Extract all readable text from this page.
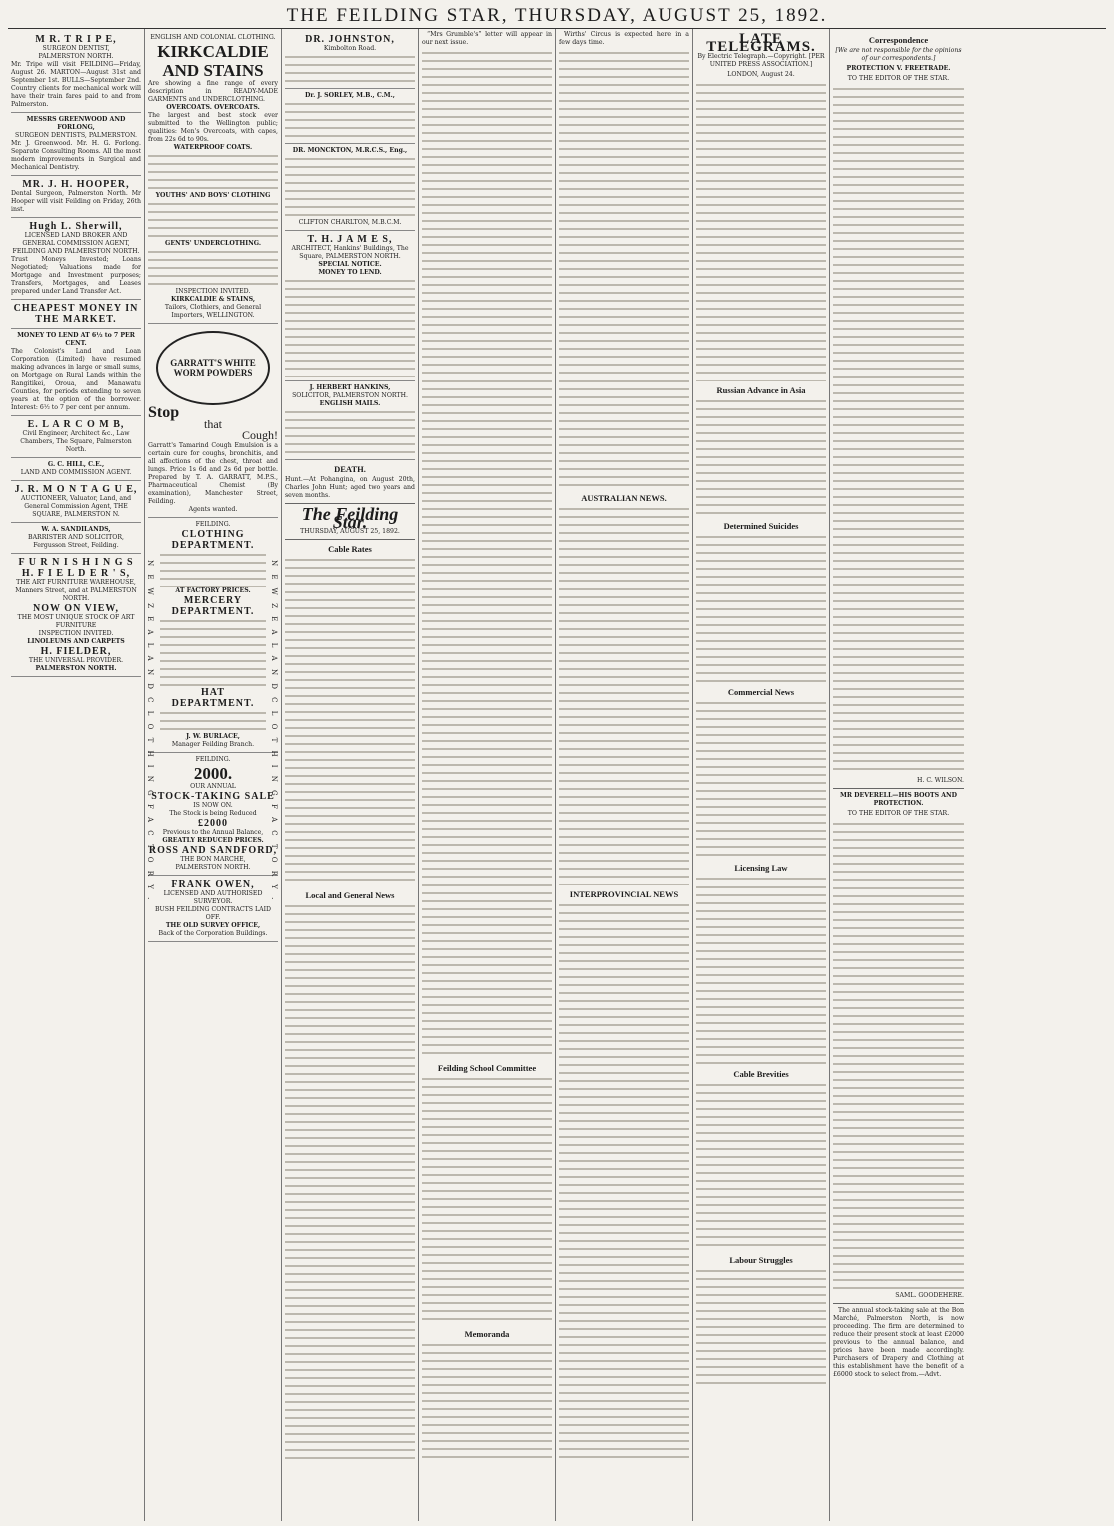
THE FEILDING STAR, THURSDAY, AUGUST 25, 1892.
M R. T R I P E,
SURGEON DENTIST,
PALMERSTON NORTH.
Mr. Tripe will visit FEILDING—Friday, August 26. MARTON—August 31st and September 1st. BULLS—September 2nd. Country clients for mechanical work will have their train fares paid to and from Palmerston.
MESSRS GREENWOOD AND FORLONG,
SURGEON DENTISTS, PALMERSTON.
Mr. J. Greenwood. Mr. H. G. Forlong. Separate Consulting Rooms. All the most modern improvements in Surgical and Mechanical Dentistry.
MR. J. H. HOOPER,
Dental Surgeon, Palmerston North. Mr Hooper will visit Feilding on Friday, 26th inst.
Hugh L. Sherwill,
LICENSED LAND BROKER AND GENERAL COMMISSION AGENT, FEILDING AND PALMERSTON NORTH.
Trust Moneys Invested; Loans Negotiated; Valuations made for Mortgage and Investment purposes; Transfers, Mortgages, and Leases prepared under Land Transfer Act.
CHEAPEST MONEY IN THE MARKET.
MONEY TO LEND AT 6½ to 7 PER CENT.
The Colonist's Land and Loan Corporation (Limited) have resumed making advances in large or small sums, on Mortgage on Rural Lands within the Rangitikei, Oroua, and Manawatu Counties, for periods extending to seven years at the option of the borrower. Interest: 6½ to 7 per cent per annum.
E. L A R C O M B,
Civil Engineer, Architect &c., Law Chambers, The Square, Palmerston North.
G. C. HILL, C.E.,
LAND AND COMMISSION AGENT.
J. R. M O N T A G U E,
AUCTIONEER, Valuator, Land, and General Commission Agent, THE SQUARE, PALMERSTON N.
W. A. SANDILANDS,
BARRISTER AND SOLICITOR, Fergusson Street, Feilding.
F U R N I S H I N G S
H. F I E L D E R ' S,
THE ART FURNITURE WAREHOUSE, Manners Street, and at PALMERSTON NORTH.
NOW ON VIEW,
THE MOST UNIQUE STOCK OF ART FURNITURE
INSPECTION INVITED.
LINOLEUMS AND CARPETS
H. FIELDER,
THE UNIVERSAL PROVIDER.
PALMERSTON NORTH.
ENGLISH AND COLONIAL CLOTHING.
KIRKCALDIE AND STAINS
Are showing a fine range of every description in READY-MADE GARMENTS and UNDERCLOTHING.
OVERCOATS. OVERCOATS.
The largest and best stock ever submitted to the Wellington public; qualities: Men's Overcoats, with capes, from 22s 6d to 90s.
WATERPROOF COATS.
YOUTHS' AND BOYS' CLOTHING
GENTS' UNDERCLOTHING.
INSPECTION INVITED.
KIRKCALDIE & STAINS,
Tailors, Clothiers, and General Importers, WELLINGTON.
GARRATT'S WHITE WORM POWDERS
Stop
that
Cough!
Garratt's Tamarind Cough Emulsion is a certain cure for coughs, bronchitis, and all affections of the chest, throat and lungs. Price 1s 6d and 2s 6d per bottle. Prepared by T. A. GARRATT, M.P.S., Pharmaceutical Chemist (By examination), Manchester Street, Feilding.
Agents wanted.
FEILDING.
CLOTHING DEPARTMENT.
AT FACTORY PRICES.
MERCERY DEPARTMENT.
HAT DEPARTMENT.
J. W. BURLACE,
Manager Feilding Branch.
FEILDING.
2000.
OUR ANNUAL
STOCK-TAKING SALE
IS NOW ON.
The Stock is being Reduced
£2000
Previous to the Annual Balance,
GREATLY REDUCED PRICES.
ROSS AND SANDFORD,
THE BON MARCHE,
PALMERSTON NORTH.
FRANK OWEN,
LICENSED AND AUTHORISED SURVEYOR.
BUSH FEILDING CONTRACTS LAID OFF.
THE OLD SURVEY OFFICE,
Back of the Corporation Buildings.
DR. JOHNSTON,
Kimbolton Road.
Dr. J. SORLEY, M.B., C.M.,
DR. MONCKTON, M.R.C.S., Eng.,
CLIFTON CHARLTON, M.B.C.M.
T. H. J A M E S,
ARCHITECT, Hankins' Buildings, The Square, PALMERSTON NORTH.
SPECIAL NOTICE.
MONEY TO LEND.
J. HERBERT HANKINS,
SOLICITOR, PALMERSTON NORTH.
ENGLISH MAILS.
DEATH.
Hunt.—At Pohangina, on August 20th, Charles John Hunt; aged two years and seven months.
The Feilding Star.
THURSDAY, AUGUST 25, 1892.
Cable Rates
Local and General News

“Mrs Grumble's” letter will appear in our next issue.

Feilding School Committee
Memoranda

Wirths' Circus is expected here in a few days time.

AUSTRALIAN NEWS.
INTERPROVINCIAL NEWS
LATE TELEGRAMS.
By Electric Telegraph.—Copyright. [PER UNITED PRESS ASSOCIATION.]
LONDON, August 24.
Russian Advance in Asia
Determined Suicides
Commercial News
Licensing Law
Cable Brevities
Labour Struggles
Correspondence
[We are not responsible for the opinions of our correspondents.]
PROTECTION V. FREETRADE.
TO THE EDITOR OF THE STAR.
H. C. WILSON.
MR DEVERELL—HIS BOOTS AND PROTECTION.
TO THE EDITOR OF THE STAR.
SAML. GOODEHERE.

The annual stock-taking sale at the Bon Marché, Palmerston North, is now proceeding. The firm are determined to reduce their present stock at least £2000 previous to the annual balance, and prices have been made accordingly. Purchasers of Drapery and Clothing at this establishment have the benefit of a £6000 stock to select from.—Advt.

N E W Z E A L A N D C L O T H I N G F A C T O R Y .	N E W Z E A L A N D C L O T H I N G F A C T O R Y .
